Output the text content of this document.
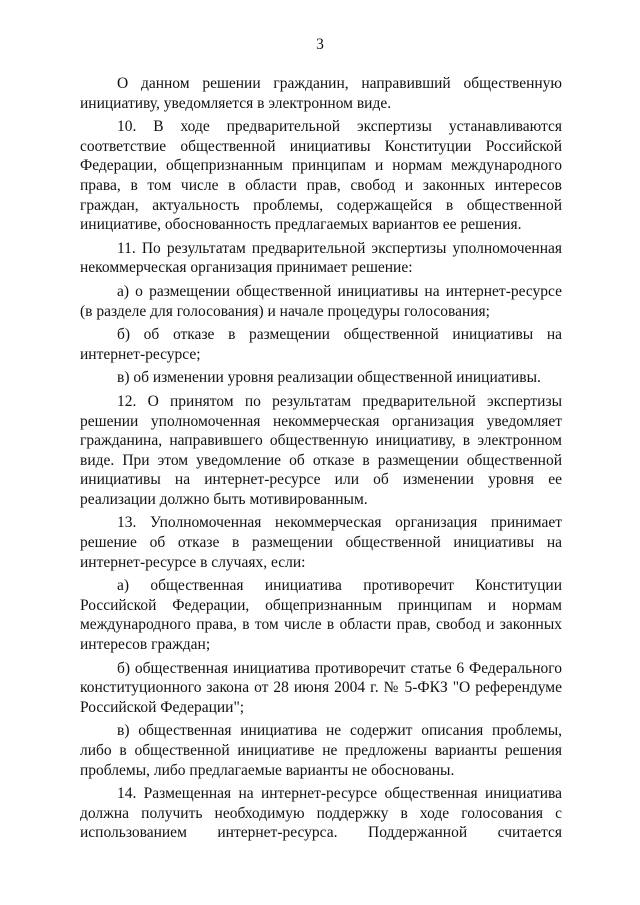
3

О данном решении гражданин, направивший общественную инициативу, уведомляется в электронном виде.

10. В ходе предварительной экспертизы устанавливаются соответствие общественной инициативы Конституции Российской Федерации, общепризнанным принципам и нормам международного права, в том числе в области прав, свобод и законных интересов граждан, актуальность проблемы, содержащейся в общественной инициативе, обоснованность предлагаемых вариантов ее решения.

11. По результатам предварительной экспертизы уполномоченная некоммерческая организация принимает решение:

а) о размещении общественной инициативы на интернет-ресурсе (в разделе для голосования) и начале процедуры голосования;

б) об отказе в размещении общественной инициативы на интернет-ресурсе;

в) об изменении уровня реализации общественной инициативы.

12. О принятом по результатам предварительной экспертизы решении уполномоченная некоммерческая организация уведомляет гражданина, направившего общественную инициативу, в электронном виде. При этом уведомление об отказе в размещении общественной инициативы на интернет-ресурсе или об изменении уровня ее реализации должно быть мотивированным.

13. Уполномоченная некоммерческая организация принимает решение об отказе в размещении общественной инициативы на интернет-ресурсе в случаях, если:

а) общественная инициатива противоречит Конституции Российской Федерации, общепризнанным принципам и нормам международного права, в том числе в области прав, свобод и законных интересов граждан;

б) общественная инициатива противоречит статье 6 Федерального конституционного закона от 28 июня 2004 г. № 5-ФКЗ "О референдуме Российской Федерации";

в) общественная инициатива не содержит описания проблемы, либо в общественной инициативе не предложены варианты решения проблемы, либо предлагаемые варианты не обоснованы.

14. Размещенная на интернет-ресурсе общественная инициатива должна получить необходимую поддержку в ходе голосования с использованием интернет-ресурса. Поддержанной считается
